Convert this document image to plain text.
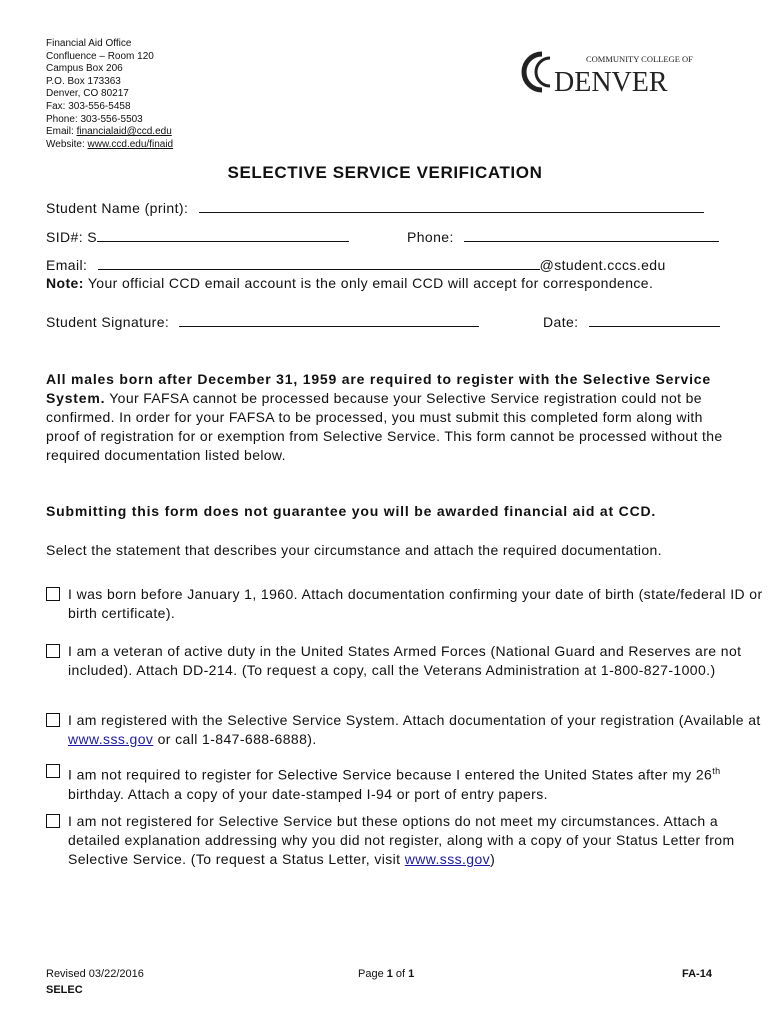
Financial Aid Office
Confluence – Room 120
Campus Box 206
P.O. Box 173363
Denver, CO 80217
Fax: 303-556-5458
Phone: 303-556-5503
Email: financialaid@ccd.edu
Website: www.ccd.edu/finaid
COMMUNITY COLLEGE OF
DENVER
SELECTIVE SERVICE VERIFICATION
Student Name (print):
SID#: S	Phone:
Email:	@student.cccs.edu
Note: Your official CCD email account is the only email CCD will accept for correspondence.
Student Signature:	Date:
All males born after December 31, 1959 are required to register with the Selective Service System. Your FAFSA cannot be processed because your Selective Service registration could not be confirmed. In order for your FAFSA to be processed, you must submit this completed form along with proof of registration for or exemption from Selective Service. This form cannot be processed without the required documentation listed below.
Submitting this form does not guarantee you will be awarded financial aid at CCD.
Select the statement that describes your circumstance and attach the required documentation.
I was born before January 1, 1960. Attach documentation confirming your date of birth (state/federal ID or birth certificate).
I am a veteran of active duty in the United States Armed Forces (National Guard and Reserves are not included). Attach DD-214. (To request a copy, call the Veterans Administration at 1-800-827-1000.)
I am registered with the Selective Service System. Attach documentation of your registration (Available at www.sss.gov or call 1-847-688-6888).
I am not required to register for Selective Service because I entered the United States after my 26th birthday. Attach a copy of your date-stamped I-94 or port of entry papers.
I am not registered for Selective Service but these options do not meet my circumstances. Attach a detailed explanation addressing why you did not register, along with a copy of your Status Letter from Selective Service. (To request a Status Letter, visit www.sss.gov)
Revised 03/22/2016
SELEC
Page 1 of 1	FA-14
